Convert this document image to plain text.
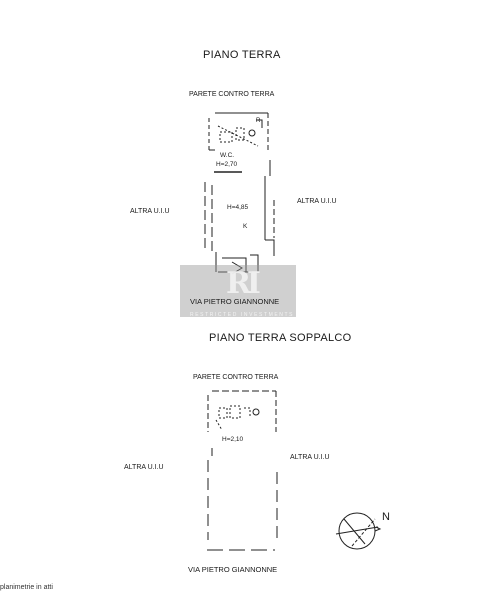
PIANO TERRA
PARETE CONTRO TERRA
R
W.C.
H=2,70
ALTRA U.I.U
ALTRA U.I.U
H=4,85
K
RI
RESTRICTED INVESTMENTS
VIA PIETRO GIANNONNE
PIANO TERRA SOPPALCO
PARETE CONTRO TERRA
H=2,10
ALTRA U.I.U
ALTRA U.I.U
VIA PIETRO GIANNONNE
N
planimetrie in atti
